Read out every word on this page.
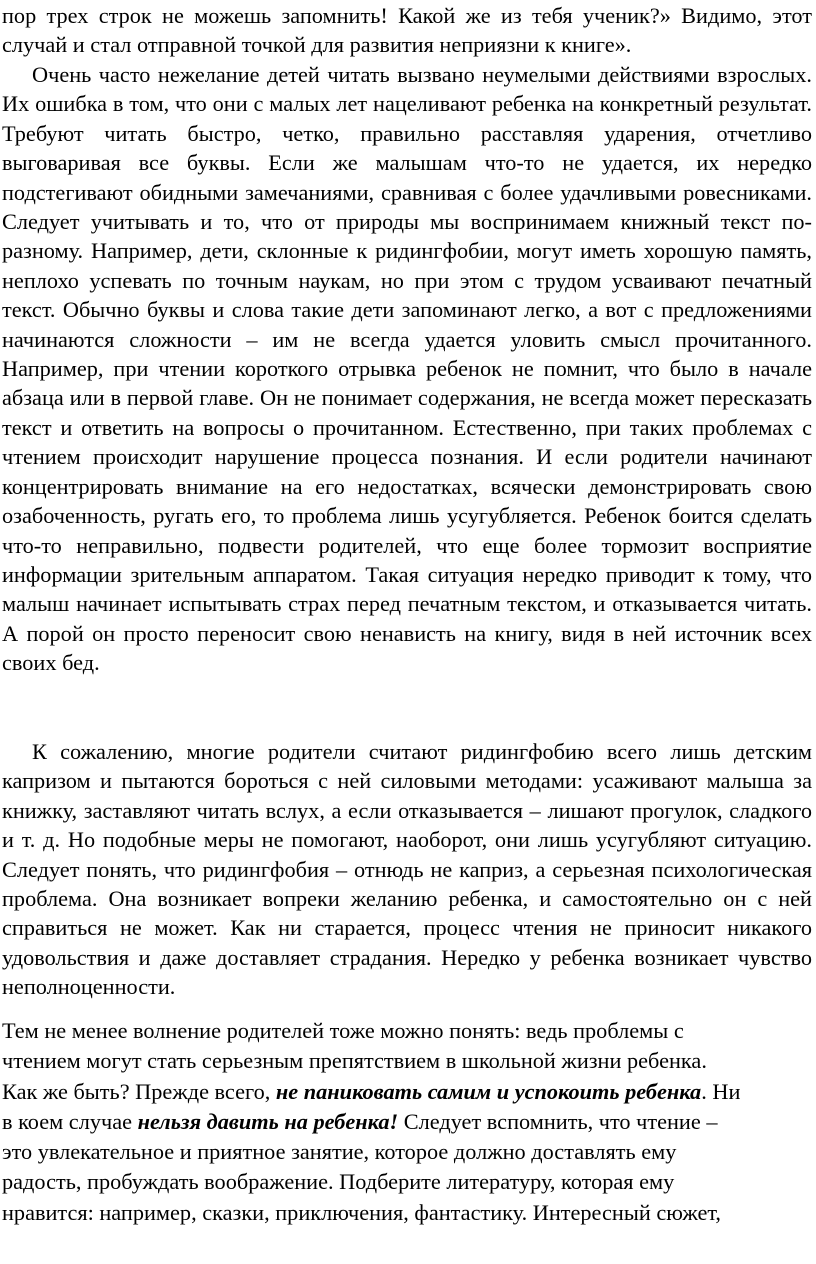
пор трех строк не можешь запомнить! Какой же из тебя ученик?» Видимо, этот случай и стал отправной точкой для развития неприязни к книге».

Очень часто нежелание детей читать вызвано неумелыми действиями взрослых. Их ошибка в том, что они с малых лет нацеливают ребенка на конкретный результат. Требуют читать быстро, четко, правильно расставляя ударения, отчетливо выговаривая все буквы. Если же малышам что-то не удается, их нередко подстегивают обидными замечаниями, сравнивая с более удачливыми ровесниками. Следует учитывать и то, что от природы мы воспринимаем книжный текст по-разному. Например, дети, склонные к ридингфобии, могут иметь хорошую память, неплохо успевать по точным наукам, но при этом с трудом усваивают печатный текст. Обычно буквы и слова такие дети запоминают легко, а вот с предложениями начинаются сложности – им не всегда удается уловить смысл прочитанного. Например, при чтении короткого отрывка ребенок не помнит, что было в начале абзаца или в первой главе. Он не понимает содержания, не всегда может пересказать текст и ответить на вопросы о прочитанном. Естественно, при таких проблемах с чтением происходит нарушение процесса познания. И если родители начинают концентрировать внимание на его недостатках, всячески демонстрировать свою озабоченность, ругать его, то проблема лишь усугубляется. Ребенок боится сделать что-то неправильно, подвести родителей, что еще более тормозит восприятие информации зрительным аппаратом. Такая ситуация нередко приводит к тому, что малыш начинает испытывать страх перед печатным текстом, и отказывается читать. А порой он просто переносит свою ненависть на книгу, видя в ней источник всех своих бед.

К сожалению, многие родители считают ридингфобию всего лишь детским капризом и пытаются бороться с ней силовыми методами: усаживают малыша за книжку, заставляют читать вслух, а если отказывается – лишают прогулок, сладкого и т. д. Но подобные меры не помогают, наоборот, они лишь усугубляют ситуацию. Следует понять, что ридингфобия – отнюдь не каприз, а серьезная психологическая проблема. Она возникает вопреки желанию ребенка, и самостоятельно он с ней справиться не может. Как ни старается, процесс чтения не приносит никакого удовольствия и даже доставляет страдания. Нередко у ребенка возникает чувство неполноценности.

Тем не менее волнение родителей тоже можно понять: ведь проблемы с
чтением могут стать серьезным препятствием в школьной жизни ребенка.
Как же быть? Прежде всего, не паниковать самим и успокоить ребенка. Ни
в коем случае нельзя давить на ребенка! Следует вспомнить, что чтение –
это увлекательное и приятное занятие, которое должно доставлять ему
радость, пробуждать воображение. Подберите литературу, которая ему
нравится: например, сказки, приключения, фантастику. Интересный сюжет,
